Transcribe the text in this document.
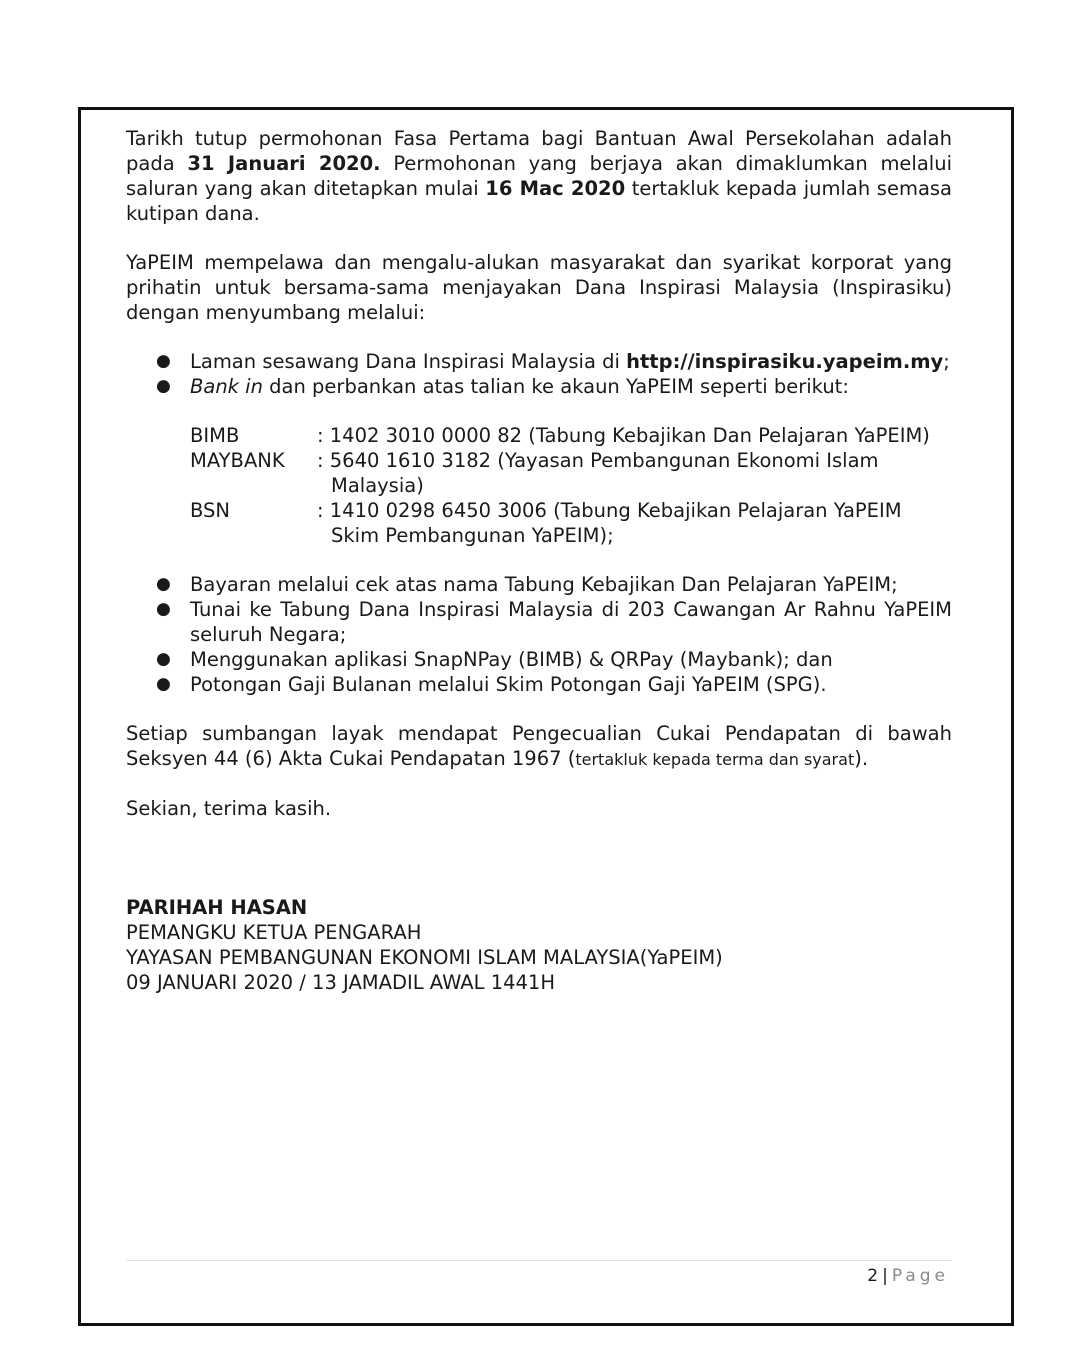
Tarikh tutup permohonan Fasa Pertama bagi Bantuan Awal Persekolahan adalah pada 31 Januari 2020. Permohonan yang berjaya akan dimaklumkan melalui saluran yang akan ditetapkan mulai 16 Mac 2020 tertakluk kepada jumlah semasa kutipan dana.

YaPEIM mempelawa dan mengalu-alukan masyarakat dan syarikat korporat yang prihatin untuk bersama-sama menjayakan Dana Inspirasi Malaysia (Inspirasiku) dengan menyumbang melalui:

● Laman sesawang Dana Inspirasi Malaysia di http://inspirasiku.yapeim.my;
● Bank in dan perbankan atas talian ke akaun YaPEIM seperti berikut:
BIMB	: 1402 3010 0000 82 (Tabung Kebajikan Dan Pelajaran YaPEIM)
MAYBANK	: 5640 1610 3182 (Yayasan Pembangunan Ekonomi Islam Malaysia)
BSN	: 1410 0298 6450 3006 (Tabung Kebajikan Pelajaran YaPEIM Skim Pembangunan YaPEIM);
● Bayaran melalui cek atas nama Tabung Kebajikan Dan Pelajaran YaPEIM;
● Tunai ke Tabung Dana Inspirasi Malaysia di 203 Cawangan Ar Rahnu YaPEIM seluruh Negara;
● Menggunakan aplikasi SnapNPay (BIMB) & QRPay (Maybank); dan
● Potongan Gaji Bulanan melalui Skim Potongan Gaji YaPEIM (SPG).

Setiap sumbangan layak mendapat Pengecualian Cukai Pendapatan di bawah Seksyen 44 (6) Akta Cukai Pendapatan 1967 (tertakluk kepada terma dan syarat).

Sekian, terima kasih.

PARIHAH HASAN

PEMANGKU KETUA PENGARAH

YAYASAN PEMBANGUNAN EKONOMI ISLAM MALAYSIA(YaPEIM)

09 JANUARI 2020 / 13 JAMADIL AWAL 1441H

2 | Page
